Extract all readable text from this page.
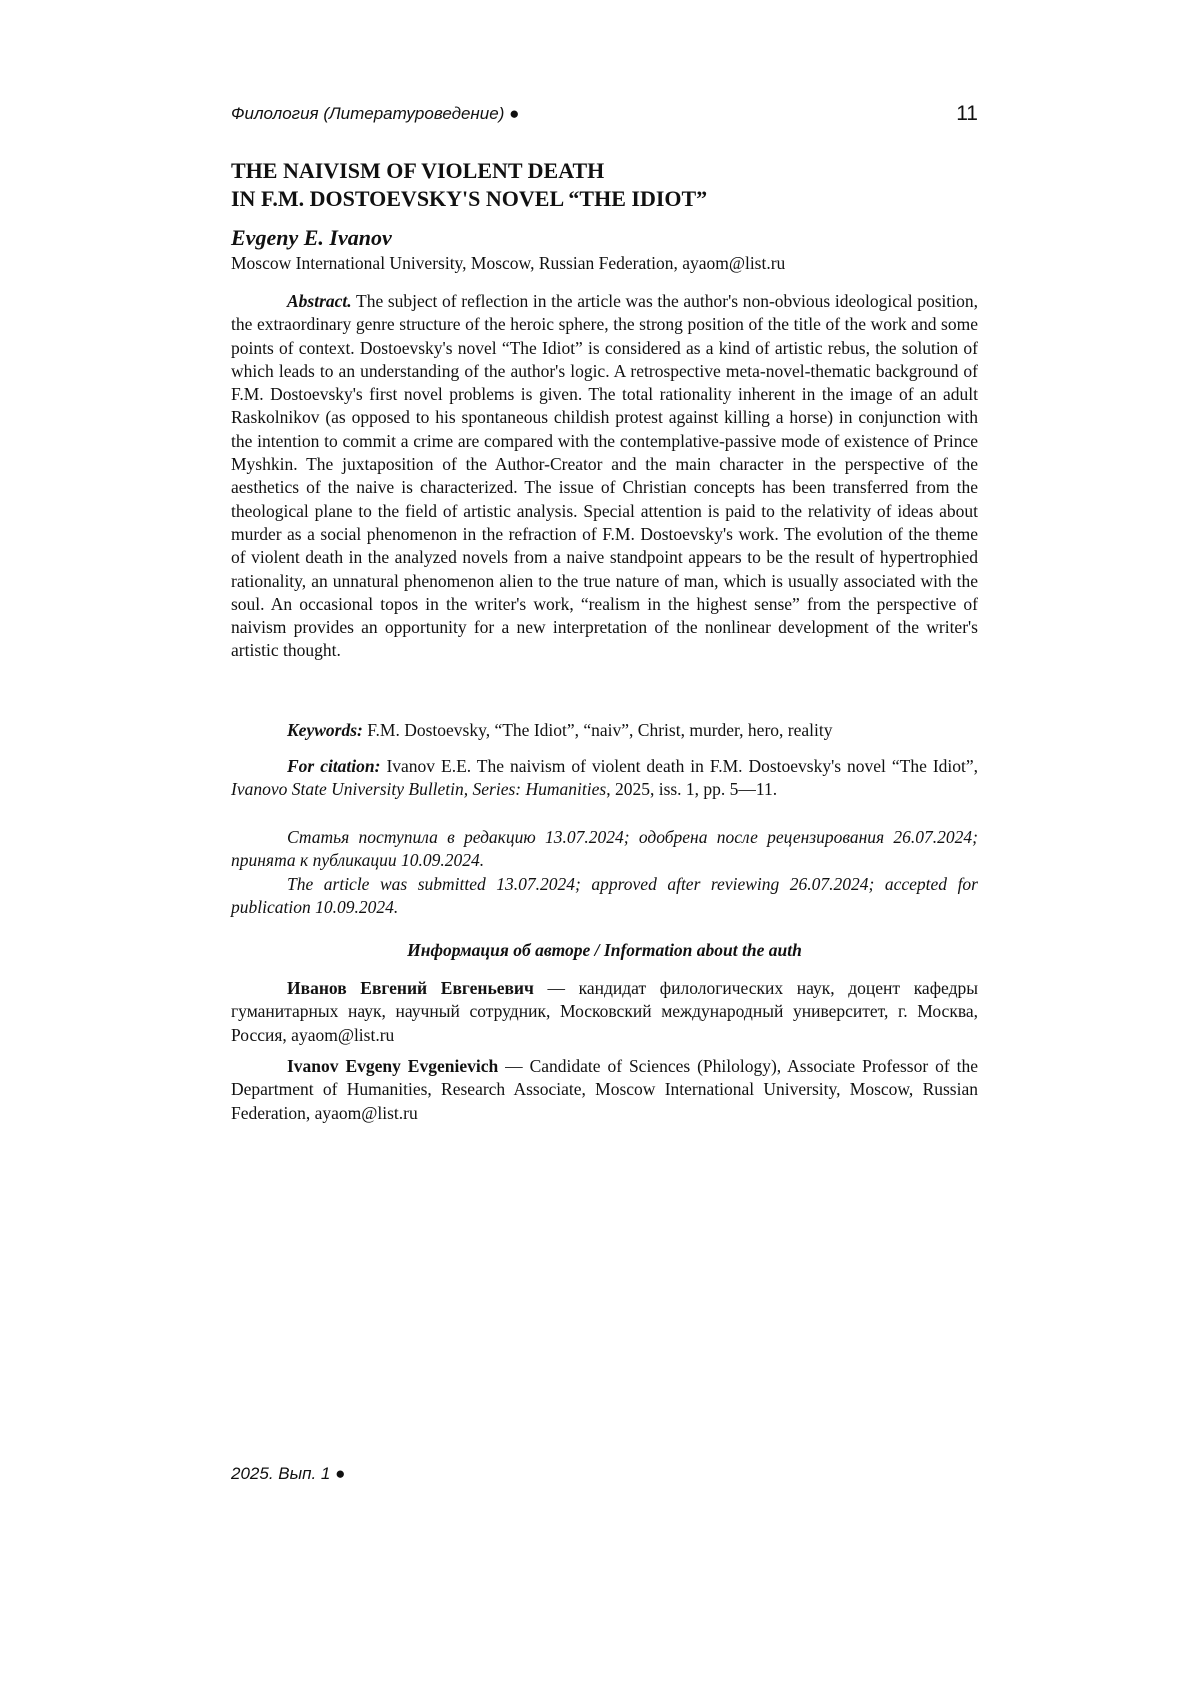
Филология (Литературоведение) ●	11
THE NAIVISM OF VIOLENT DEATH
IN F.M. DOSTOEVSKY'S NOVEL “THE IDIOT”

Evgeny E. Ivanov

Moscow International University, Moscow, Russian Federation, ayaom@list.ru

Abstract. The subject of reflection in the article was the author's non-obvious ideological position, the extraordinary genre structure of the heroic sphere, the strong position of the title of the work and some points of context. Dostoevsky's novel “The Idiot” is considered as a kind of artistic rebus, the solution of which leads to an understanding of the author's logic. A retrospective meta-novel-thematic background of F.M. Dostoevsky's first novel problems is given. The total rationality inherent in the image of an adult Raskolnikov (as opposed to his spontaneous childish protest against killing a horse) in conjunction with the intention to commit a crime are compared with the contemplative-passive mode of existence of Prince Myshkin. The juxtaposition of the Author-Creator and the main character in the perspective of the aesthetics of the naive is characterized. The issue of Christian concepts has been transferred from the theological plane to the field of artistic analysis. Special attention is paid to the relativity of ideas about murder as a social phenomenon in the refraction of F.M. Dostoevsky's work. The evolution of the theme of violent death in the analyzed novels from a naive standpoint appears to be the result of hypertrophied rationality, an unnatural phenomenon alien to the true nature of man, which is usually associated with the soul. An occasional topos in the writer's work, “realism in the highest sense” from the perspective of naivism provides an opportunity for a new interpretation of the nonlinear development of the writer's artistic thought.

Keywords: F.M. Dostoevsky, “The Idiot”, “naiv”, Christ, murder, hero, reality

For citation: Ivanov E.E. The naivism of violent death in F.M. Dostoevsky's novel “The Idiot”, Ivanovo State University Bulletin, Series: Humanities, 2025, iss. 1, pp. 5—11.

Статья поступила в редакцию 13.07.2024; одобрена после рецензирования 26.07.2024; принята к публикации 10.09.2024.
The article was submitted 13.07.2024; approved after reviewing 26.07.2024; accepted for publication 10.09.2024.

Информация об авторе / Information about the auth

Иванов Евгений Евгеньевич — кандидат филологических наук, доцент кафедры гуманитарных наук, научный сотрудник, Московский международный университет, г. Москва, Россия, ayaom@list.ru

Ivanov Evgeny Evgenievich — Candidate of Sciences (Philology), Associate Professor of the Department of Humanities, Research Associate, Moscow International University, Moscow, Russian Federation, ayaom@list.ru

2025. Вып. 1 ●
